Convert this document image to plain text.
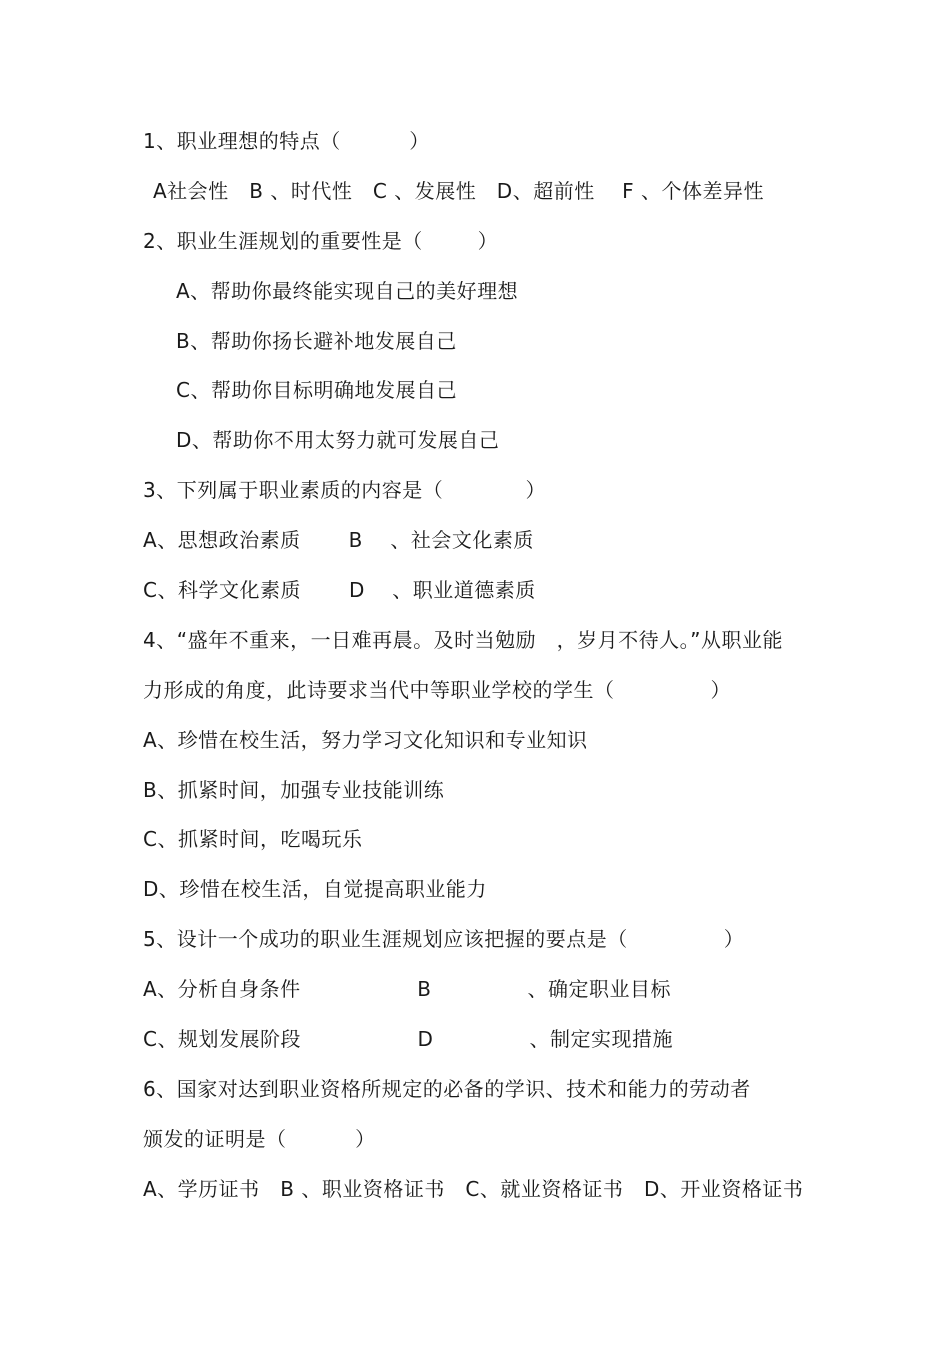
1、职业理想的特点（          ）
A社会性   B 、时代性   C 、发展性   D、超前性    F 、个体差异性
2、职业生涯规划的重要性是（        ）
A、帮助你最终能实现自己的美好理想
B、帮助你扬长避补地发展自己
C、帮助你目标明确地发展自己
D、帮助你不用太努力就可发展自己
3、下列属于职业素质的内容是（            ）
A、思想政治素质       B    、社会文化素质
C、科学文化素质       D    、职业道德素质
4、“盛年不重来，一日难再晨。及时当勉励   ，岁月不待人。”从职业能
力形成的角度，此诗要求当代中等职业学校的学生（              ）
A、珍惜在校生活，努力学习文化知识和专业知识
B、抓紧时间，加强专业技能训练
C、抓紧时间，吃喝玩乐
D、珍惜在校生活，自觉提高职业能力
5、设计一个成功的职业生涯规划应该把握的要点是（              ）
A、分析自身条件                 B              、确定职业目标
C、规划发展阶段                 D              、制定实现措施
6、国家对达到职业资格所规定的必备的学识、技术和能力的劳动者
颁发的证明是（          ）
A、学历证书   B 、职业资格证书   C、就业资格证书   D、开业资格证书
